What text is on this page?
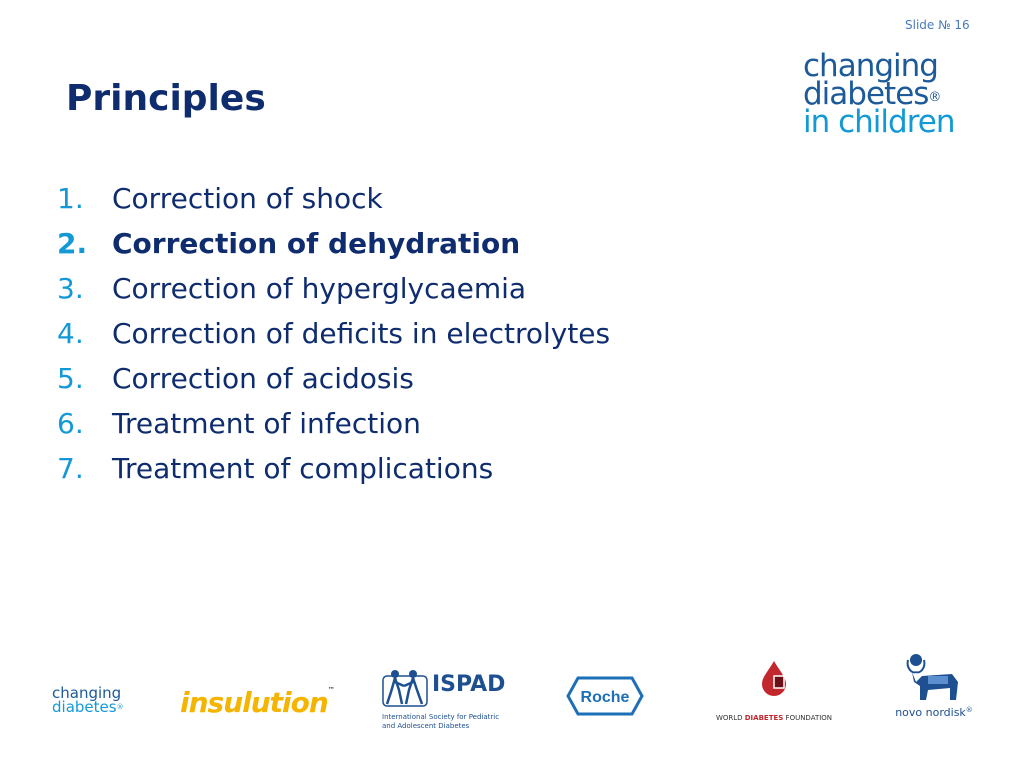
Slide № 16
Principles
changing
diabetes®
in children
1. Correction of shock
2. Correction of dehydration
3. Correction of hyperglycaemia
4. Correction of deficits in electrolytes
5. Correction of acidosis
6. Treatment of infection
7. Treatment of complications
changing
diabetes® insulution™	ISPAD
International Society for Pediatric
and Adolescent Diabetes
Roche
WORLD DIABETES FOUNDATION	novo nordisk®
